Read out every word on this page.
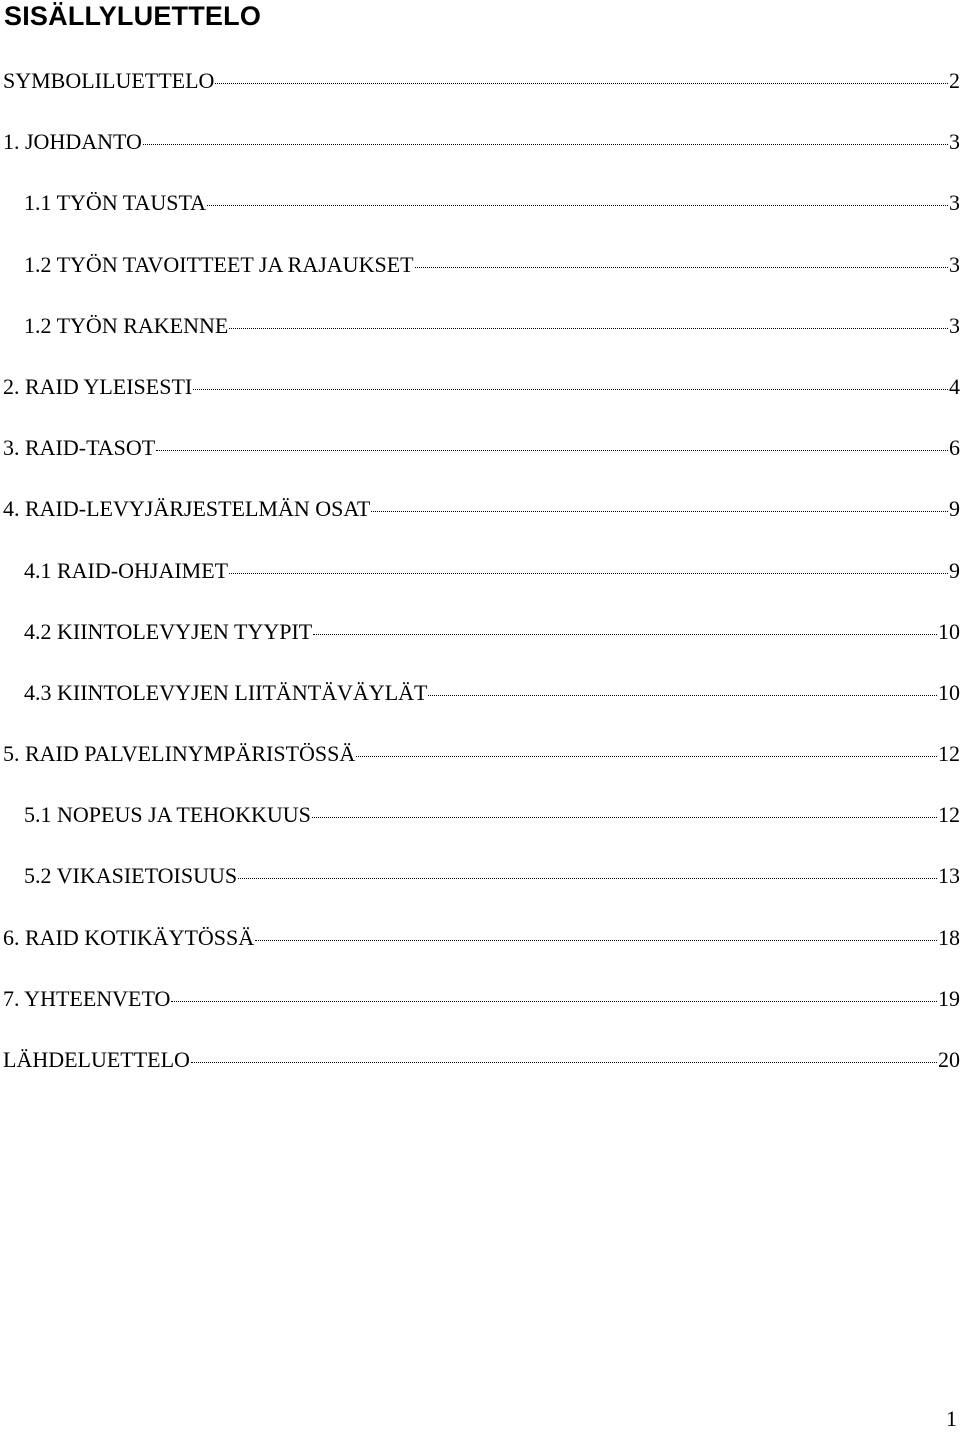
SISÄLLYLUETTELO
SYMBOLILUETTELO	2
1. JOHDANTO	3
1.1 TYÖN TAUSTA	3
1.2 TYÖN TAVOITTEET JA RAJAUKSET	3
1.2 TYÖN RAKENNE	3
2. RAID YLEISESTI	4
3. RAID-TASOT	6
4. RAID-LEVYJÄRJESTELMÄN OSAT	9
4.1 RAID-OHJAIMET	9
4.2 KIINTOLEVYJEN TYYPIT	10
4.3 KIINTOLEVYJEN LIITÄNTÄVÄYLÄT	10
5. RAID PALVELINYMPÄRISTÖSSÄ	12
5.1 NOPEUS JA TEHOKKUUS	12
5.2 VIKASIETOISUUS	13
6. RAID KOTIKÄYTÖSSÄ	18
7. YHTEENVETO	19
LÄHDELUETTELO	20
1
